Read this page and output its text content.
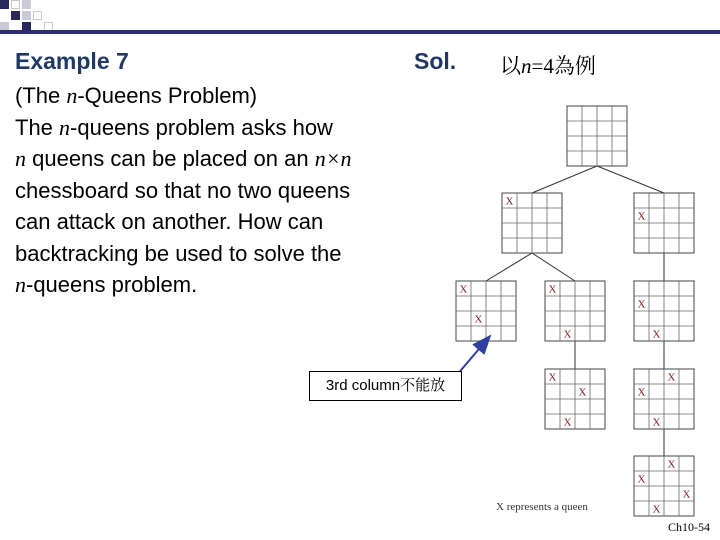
Example 7

(The n-Queens Problem)

The n-queens problem asks how

n queens can be placed on an n×n

chessboard so that no two queens

can attack on another. How can

backtracking be used to solve the

n-queens problem.

Sol. 以n=4為例
X
X
X
X
X
X
X
X
X
X
X	X
X
X
X
X
X
X
3rd column不能放
X represents a queen
Ch10-54
